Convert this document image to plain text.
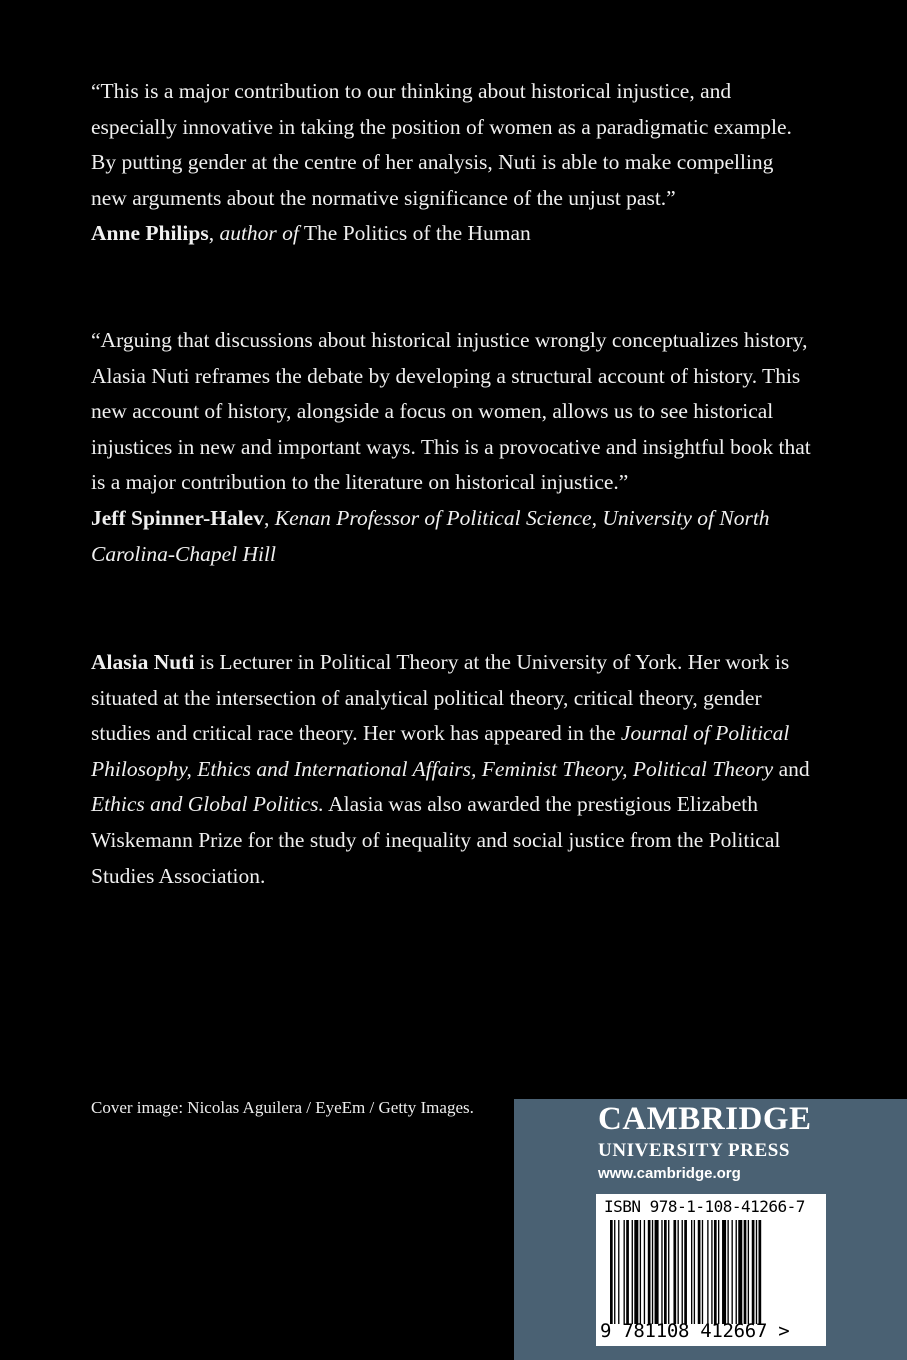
“This is a major contribution to our thinking about historical injustice, and especially innovative in taking the position of women as a paradigmatic example. By putting gender at the centre of her analysis, Nuti is able to make compelling new arguments about the normative significance of the unjust past.”

Anne Philips, author of The Politics of the Human

“Arguing that discussions about historical injustice wrongly conceptualizes history, Alasia Nuti reframes the debate by developing a structural account of history. This new account of history, alongside a focus on women, allows us to see historical injustices in new and important ways. This is a provocative and insightful book that is a major contribution to the literature on historical injustice.”

Jeff Spinner-Halev, Kenan Professor of Political Science, University of North Carolina-Chapel Hill

Alasia Nuti is Lecturer in Political Theory at the University of York. Her work is situated at the intersection of analytical political theory, critical theory, gender studies and critical race theory. Her work has appeared in the Journal of Political Philosophy, Ethics and International Affairs, Feminist Theory, Political Theory and Ethics and Global Politics. Alasia was also awarded the prestigious Elizabeth Wiskemann Prize for the study of inequality and social justice from the Political Studies Association.

Cover image: Nicolas Aguilera / EyeEm / Getty Images.	CAMBRIDGE
UNIVERSITY PRESS
www.cambridge.org
ISBN 978-1-108-41266-7
9 781108 412667 >
